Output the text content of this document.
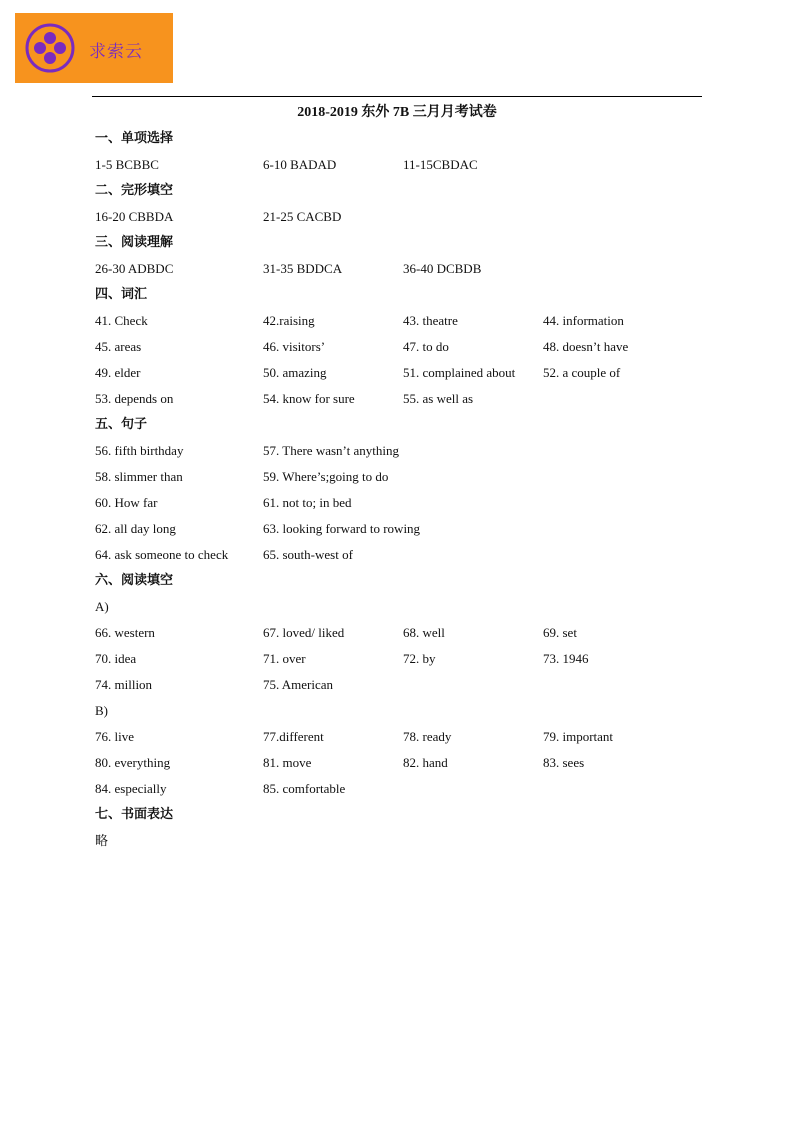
求索云
2018-2019 东外 7B 三月月考试卷
一、单项选择
1-5 BCBBC	6-10 BADAD	11-15CBDAC
二、完形填空
16-20 CBBDA	21-25 CACBD
三、阅读理解
26-30 ADBDC	31-35 BDDCA	36-40 DCBDB
四、词汇
41. Check	42.raising	43. theatre	44. information
45. areas	46. visitors’	47. to do	48. doesn’t have
49. elder	50. amazing	51. complained about 52. a couple of
53. depends on	54. know for sure	55. as well as
五、句子
56. fifth birthday	57. There wasn’t anything
58. slimmer than	59. Where’s;going to do
60. How far	61. not to; in bed
62. all day long	63. looking forward to rowing
64. ask someone to check	65. south-west of
六、阅读填空
A)
66. western	67. loved/ liked	68. well	69. set
70. idea	71. over	72. by	73. 1946
74. million	75. American
B)
76. live	77.different	78. ready	79. important
80. everything	81. move	82. hand	83. sees
84. especially	85. comfortable
七、书面表达
略
